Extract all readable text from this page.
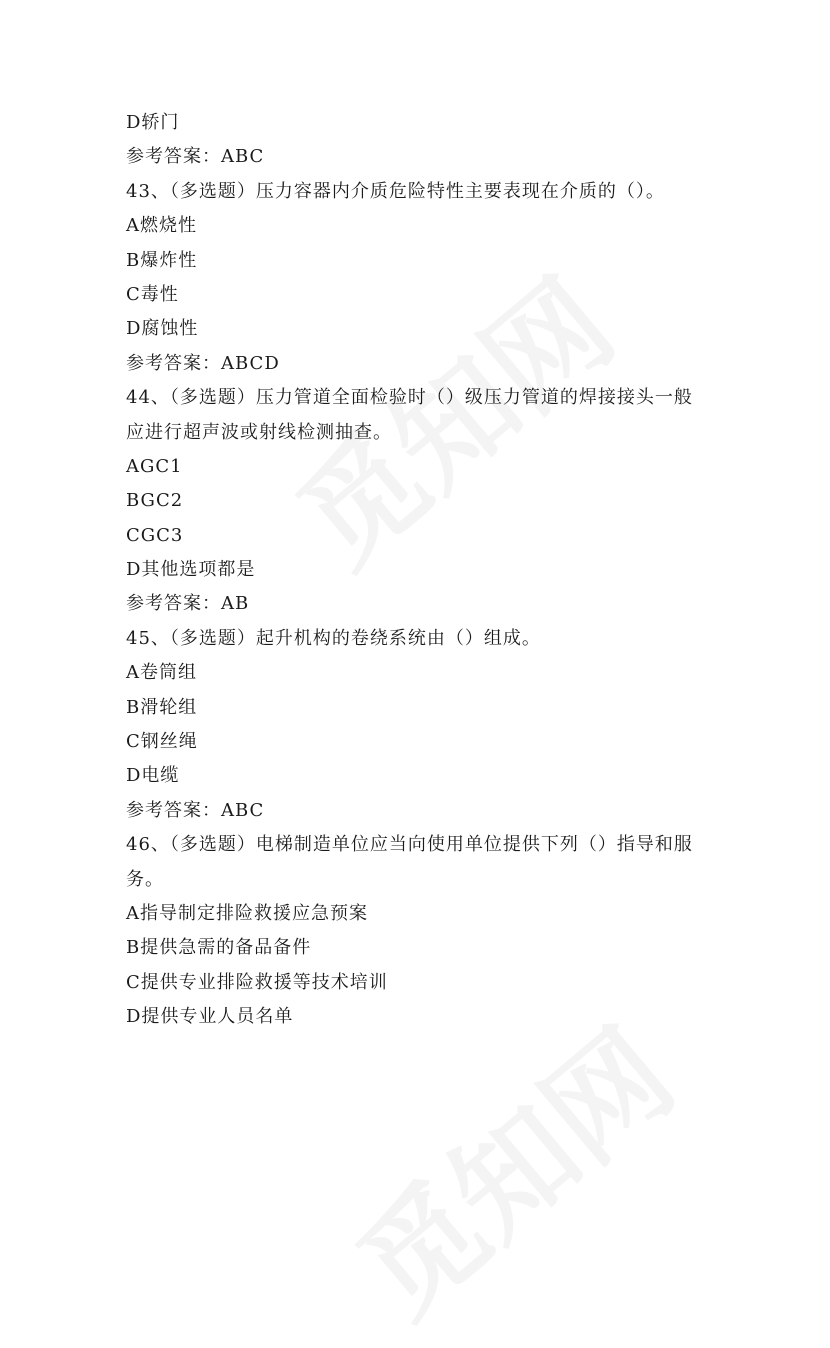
D轿门
参考答案：ABC
43、（多选题）压力容器内介质危险特性主要表现在介质的（）。
A燃烧性
B爆炸性
C毒性
D腐蚀性
参考答案：ABCD
44、（多选题）压力管道全面检验时（）级压力管道的焊接接头一般
应进行超声波或射线检测抽查。
AGC1
BGC2
CGC3
D其他选项都是
参考答案：AB
45、（多选题）起升机构的卷绕系统由（）组成。
A卷筒组
B滑轮组
C钢丝绳
D电缆
参考答案：ABC
46、（多选题）电梯制造单位应当向使用单位提供下列（）指导和服
务。
A指导制定排险救援应急预案
B提供急需的备品备件
C提供专业排险救援等技术培训
D提供专业人员名单
